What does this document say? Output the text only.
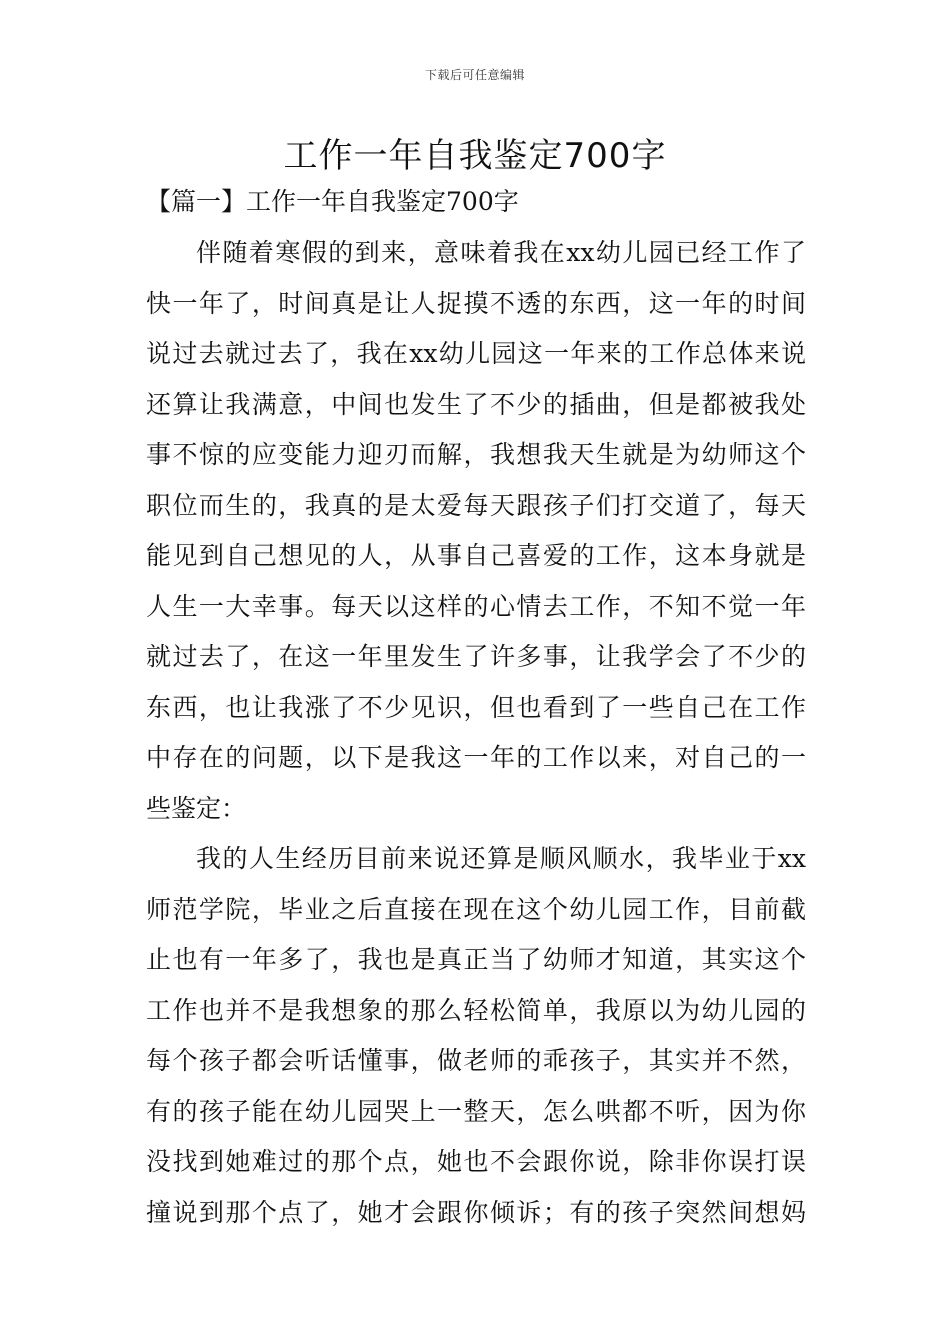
下载后可任意编辑
工作一年自我鉴定700字
【篇一】工作一年自我鉴定700字
伴随着寒假的到来，意味着我在xx幼儿园已经工作了
快一年了，时间真是让人捉摸不透的东西，这一年的时间
说过去就过去了，我在xx幼儿园这一年来的工作总体来说
还算让我满意，中间也发生了不少的插曲，但是都被我处
事不惊的应变能力迎刃而解，我想我天生就是为幼师这个
职位而生的，我真的是太爱每天跟孩子们打交道了，每天
能见到自己想见的人，从事自己喜爱的工作，这本身就是
人生一大幸事。每天以这样的心情去工作，不知不觉一年
就过去了，在这一年里发生了许多事，让我学会了不少的
东西，也让我涨了不少见识，但也看到了一些自己在工作
中存在的问题，以下是我这一年的工作以来，对自己的一
些鉴定：
我的人生经历目前来说还算是顺风顺水，我毕业于xx
师范学院，毕业之后直接在现在这个幼儿园工作，目前截
止也有一年多了，我也是真正当了幼师才知道，其实这个
工作也并不是我想象的那么轻松简单，我原以为幼儿园的
每个孩子都会听话懂事，做老师的乖孩子，其实并不然，
有的孩子能在幼儿园哭上一整天，怎么哄都不听，因为你
没找到她难过的那个点，她也不会跟你说，除非你误打误
撞说到那个点了，她才会跟你倾诉；有的孩子突然间想妈
